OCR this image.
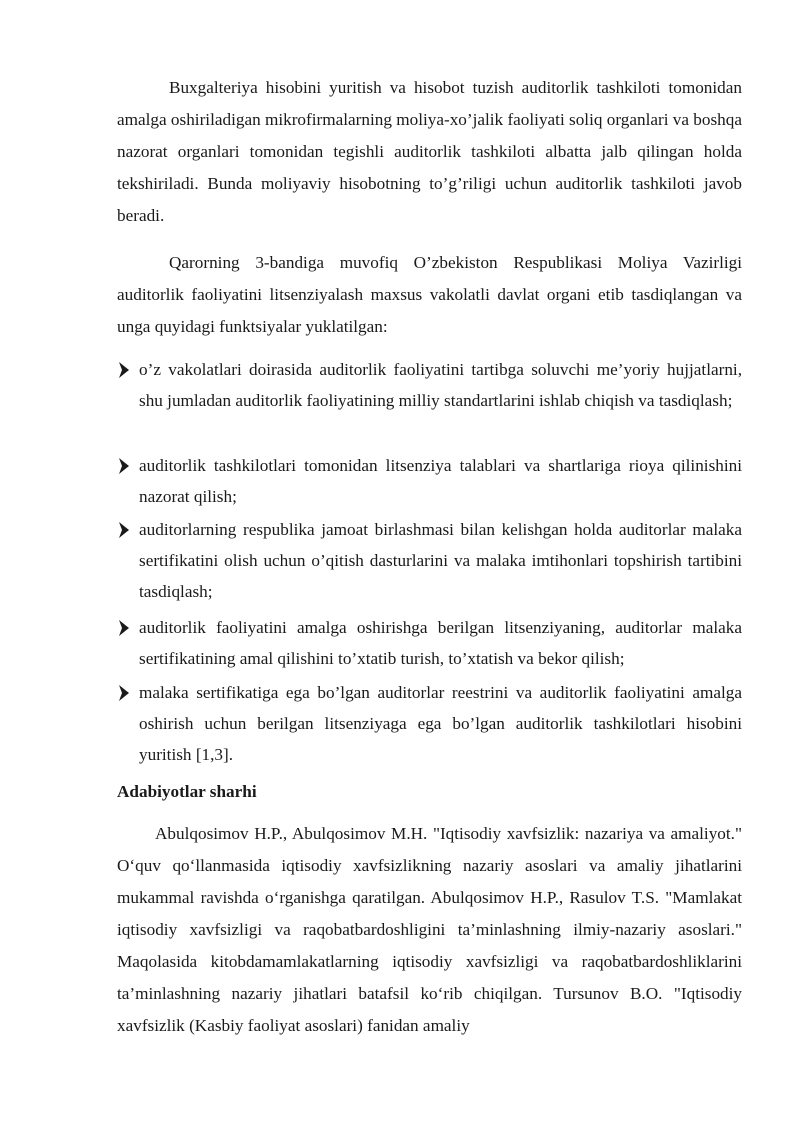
Buxgalteriya hisobini yuritish va hisobot tuzish auditorlik tashkiloti tomonidan amalga oshiriladigan mikrofirmalarning moliya-xo’jalik faoliyati soliq organlari va boshqa nazorat organlari tomonidan tegishli auditorlik tashkiloti albatta jalb qilingan holda tekshiriladi. Bunda moliyaviy hisobotning to’g’riligi uchun auditorlik tashkiloti javob beradi.

Qarorning 3-bandiga muvofiq O’zbekiston Respublikasi Moliya Vazirligi auditorlik faoliyatini litsenziyalash maxsus vakolatli davlat organi etib tasdiqlangan va unga quyidagi funktsiyalar yuklatilgan:

o’z vakolatlari doirasida auditorlik faoliyatini tartibga soluvchi me’yoriy hujjatlarni, shu jumladan auditorlik faoliyatining milliy standartlarini ishlab chiqish va tasdiqlash;

auditorlik tashkilotlari tomonidan litsenziya talablari va shartlariga rioya qilinishini nazorat qilish;

auditorlarning respublika jamoat birlashmasi bilan kelishgan holda auditorlar malaka sertifikatini olish uchun o’qitish dasturlarini va malaka imtihonlari topshirish tartibini tasdiqlash;

auditorlik faoliyatini amalga oshirishga berilgan litsenziyaning, auditorlar malaka sertifikatining amal qilishini to’xtatib turish, to’xtatish va bekor qilish;

malaka sertifikatiga ega bo’lgan auditorlar reestrini va auditorlik faoliyatini amalga oshirish uchun berilgan litsenziyaga ega bo’lgan auditorlik tashkilotlari hisobini yuritish [1,3].

Adabiyotlar sharhi

Abulqosimov H.P., Abulqosimov M.H. "Iqtisodiy xavfsizlik: nazariya va amaliyot." O‘quv qo‘llanmasida iqtisodiy xavfsizlikning nazariy asoslari va amaliy jihatlarini mukammal ravishda o‘rganishga qaratilgan. Abulqosimov H.P., Rasulov T.S. "Mamlakat iqtisodiy xavfsizligi va raqobatbardoshligini ta’minlashning ilmiy-nazariy asoslari." Maqolasida kitobdamamlakatlarning iqtisodiy xavfsizligi va raqobatbardoshliklarini ta’minlashning nazariy jihatlari batafsil ko‘rib chiqilgan. Tursunov B.O. "Iqtisodiy xavfsizlik (Kasbiy faoliyat asoslari) fanidan amaliy
